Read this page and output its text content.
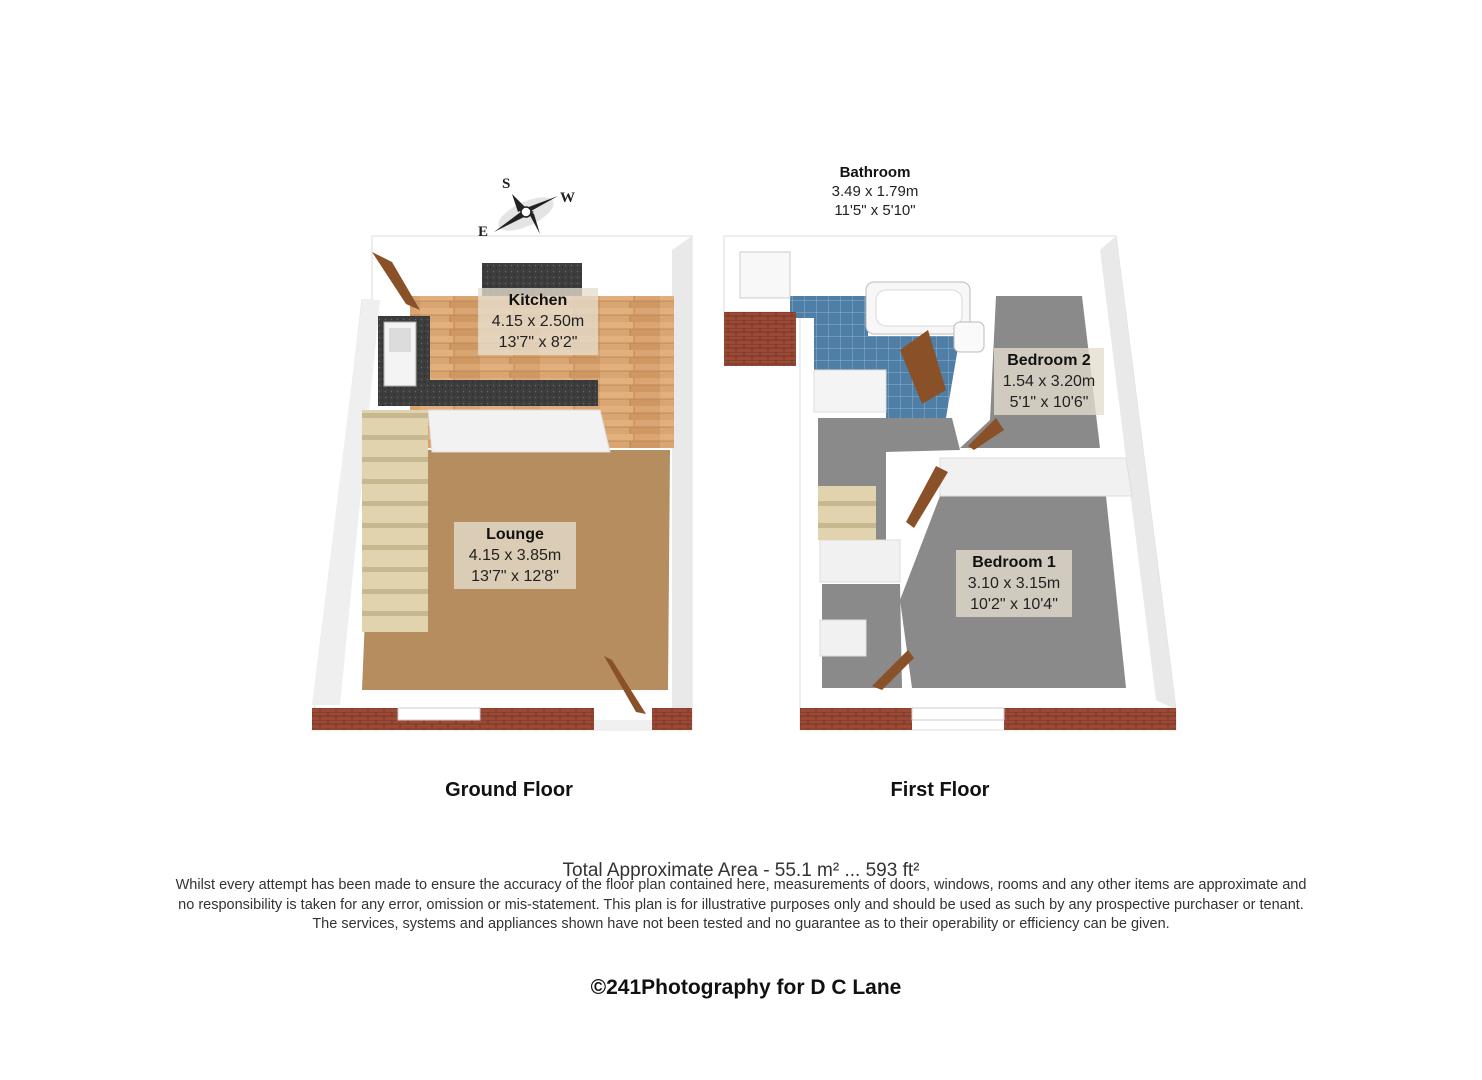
S
W
E
Kitchen
4.15 x 2.50m
13'7" x 8'2"
Lounge
4.15 x 3.85m
13'7" x 12'8"
Bathroom
3.49 x 1.79m
11'5" x 5'10"
Bedroom 2
1.54 x 3.20m
5'1" x 10'6"
Bedroom 1
3.10 x 3.15m
10'2" x 10'4"
Ground Floor	First Floor
Total Approximate Area - 55.1 m² ... 593 ft²
Whilst every attempt has been made to ensure the accuracy of the floor plan contained here, measurements of doors, windows, rooms and any other items are approximate and
no responsibility is taken for any error, omission or mis-statement. This plan is for illustrative purposes only and should be used as such by any prospective purchaser or tenant.
The services, systems and appliances shown have not been tested and no guarantee as to their operability or efficiency can be given.
©241Photography for D C Lane
